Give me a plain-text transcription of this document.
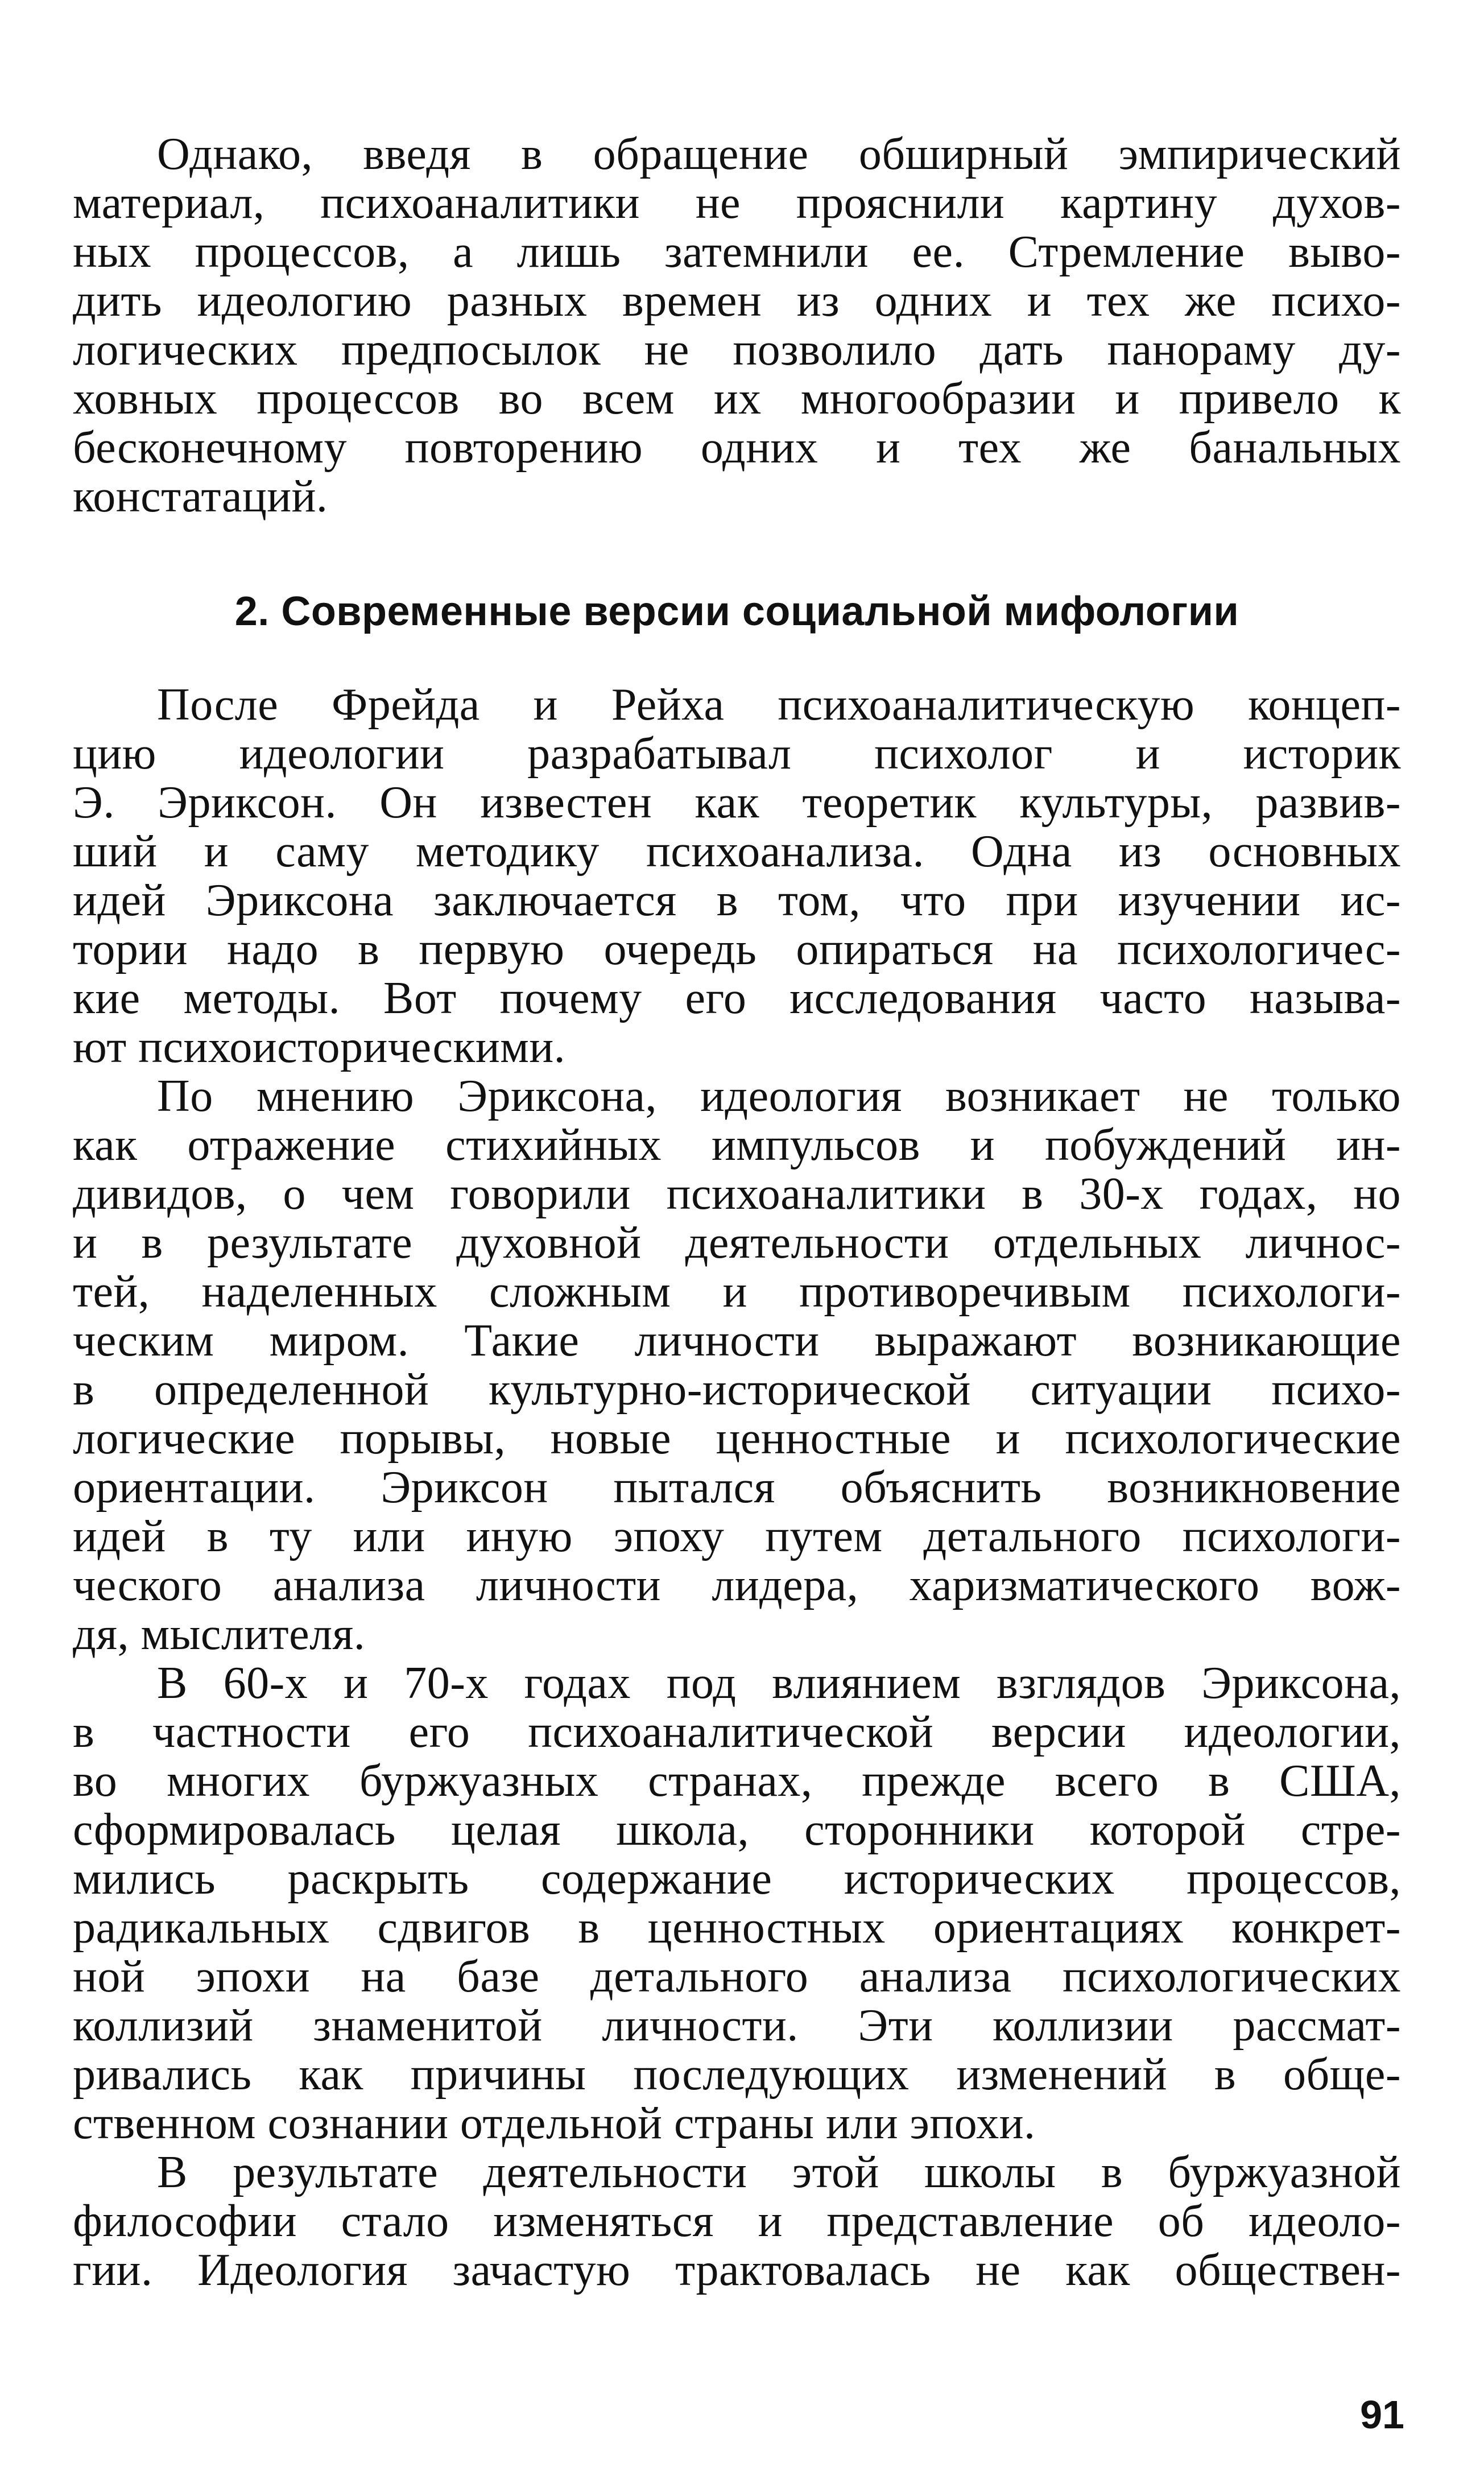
Однако, введя в обращение обширный эмпирический
материал, психоаналитики не прояснили картину духов-
ных процессов, а лишь затемнили ее. Стремление выво-
дить идеологию разных времен из одних и тех же психо-
логических предпосылок не позволило дать панораму ду-
ховных процессов во всем их многообразии и привело к
бесконечному повторению одних и тех же банальных
констатаций.
2. Современные версии социальной мифологии
После Фрейда и Рейха психоаналитическую концеп-
цию идеологии разрабатывал психолог и историк
Э. Эриксон. Он известен как теоретик культуры, развив-
ший и саму методику психоанализа. Одна из основных
идей Эриксона заключается в том, что при изучении ис-
тории надо в первую очередь опираться на психологичес-
кие методы. Вот почему его исследования часто называ-
ют психоисторическими.
По мнению Эриксона, идеология возникает не только
как отражение стихийных импульсов и побуждений ин-
дивидов, о чем говорили психоаналитики в 30-х годах, но
и в результате духовной деятельности отдельных личнос-
тей, наделенных сложным и противоречивым психологи-
ческим миром. Такие личности выражают возникающие
в определенной культурно-исторической ситуации психо-
логические порывы, новые ценностные и психологические
ориентации. Эриксон пытался объяснить возникновение
идей в ту или иную эпоху путем детального психологи-
ческого анализа личности лидера, харизматического вож-
дя, мыслителя.
В 60-х и 70-х годах под влиянием взглядов Эриксона,
в частности его психоаналитической версии идеологии,
во многих буржуазных странах, прежде всего в США,
сформировалась целая школа, сторонники которой стре-
мились раскрыть содержание исторических процессов,
радикальных сдвигов в ценностных ориентациях конкрет-
ной эпохи на базе детального анализа психологических
коллизий знаменитой личности. Эти коллизии рассмат-
ривались как причины последующих изменений в обще-
ственном сознании отдельной страны или эпохи.
В результате деятельности этой школы в буржуазной
философии стало изменяться и представление об идеоло-
гии. Идеология зачастую трактовалась не как обществен-
91
